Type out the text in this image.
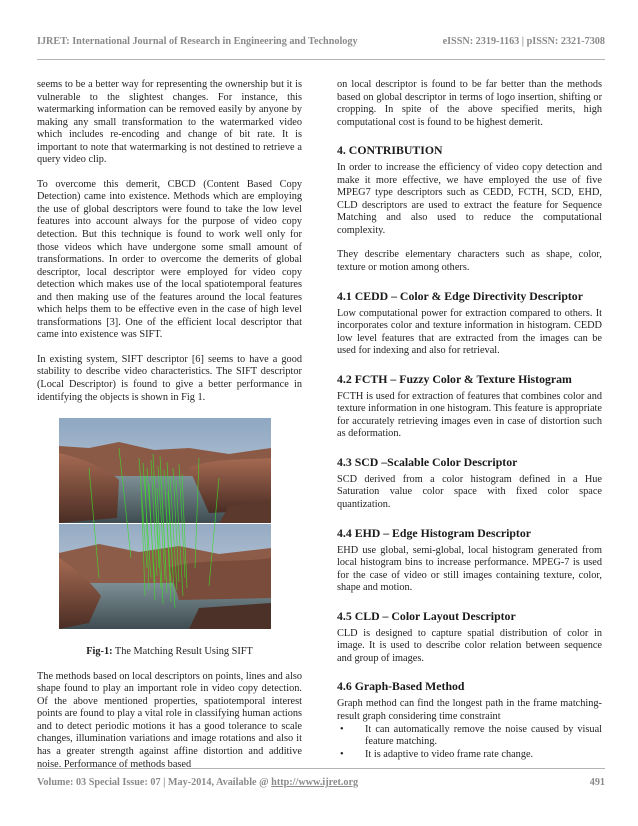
IJRET: International Journal of Research in Engineering and Technology	eISSN: 2319-1163 | pISSN: 2321-7308

seems to be a better way for representing the ownership but it is vulnerable to the slightest changes. For instance, this watermarking information can be removed easily by anyone by making any small transformation to the watermarked video which includes re-encoding and change of bit rate. It is important to note that watermarking is not destined to retrieve a query video clip.

To overcome this demerit, CBCD (Content Based Copy Detection) came into existence. Methods which are employing the use of global descriptors were found to take the low level features into account always for the purpose of video copy detection. But this technique is found to work well only for those videos which have undergone some small amount of transformations. In order to overcome the demerits of global descriptor, local descriptor were employed for video copy detection which makes use of the local spatiotemporal features and then making use of the features around the local features which helps them to be effective even in the case of high level transformations [3]. One of the efficient local descriptor that came into existence was SIFT.

In existing system, SIFT descriptor [6] seems to have a good stability to describe video characteristics. The SIFT descriptor (Local Descriptor) is found to give a better performance in identifying the objects is shown in Fig 1.

Fig-1: The Matching Result Using SIFT

The methods based on local descriptors on points, lines and also shape found to play an important role in video copy detection. Of the above mentioned properties, spatiotemporal interest points are found to play a vital role in classifying human actions and to detect periodic motions it has a good tolerance to scale changes, illumination variations and image rotations and also it has a greater strength against affine distortion and additive noise. Performance of methods based

on local descriptor is found to be far better than the methods based on global descriptor in terms of logo insertion, shifting or cropping. In spite of the above specified merits, high computational cost is found to be highest demerit.

4. CONTRIBUTION

In order to increase the efficiency of video copy detection and make it more effective, we have employed the use of five MPEG7 type descriptors such as CEDD, FCTH, SCD, EHD, CLD descriptors are used to extract the feature for Sequence Matching and also used to reduce the computational complexity.

They describe elementary characters such as shape, color, texture or motion among others.

4.1 CEDD – Color & Edge Directivity Descriptor

Low computational power for extraction compared to others. It incorporates color and texture information in histogram. CEDD low level features that are extracted from the images can be used for indexing and also for retrieval.

4.2 FCTH – Fuzzy Color & Texture Histogram

FCTH is used for extraction of features that combines color and texture information in one histogram. This feature is appropriate for accurately retrieving images even in case of distortion such as deformation.

4.3 SCD –Scalable Color Descriptor

SCD derived from a color histogram defined in a Hue Saturation value color space with fixed color space quantization.

4.4 EHD – Edge Histogram Descriptor

EHD use global, semi-global, local histogram generated from local histogram bins to increase performance. MPEG-7 is used for the case of video or still images containing texture, color, shape and motion.

4.5 CLD – Color Layout Descriptor

CLD is designed to capture spatial distribution of color in image. It is used to describe color relation between sequence and group of images.

4.6 Graph-Based Method

Graph method can find the longest path in the frame matching-result graph considering time constraint

• It can automatically remove the noise caused by visual feature matching.
• It is adaptive to video frame rate change.
Volume: 03 Special Issue: 07 | May-2014, Available @ http://www.ijret.org	491
